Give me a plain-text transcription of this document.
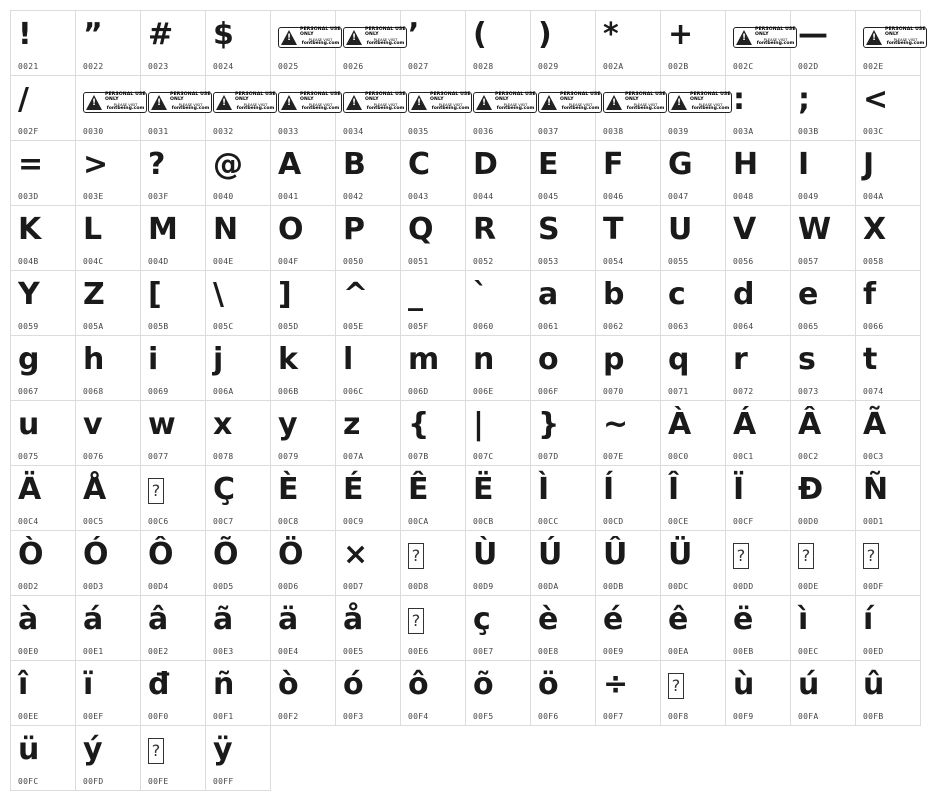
!
0021
”
0022
#
0023
$
0024
!
PERSONAL USE ONLY
PLEASE VISIT
fontbeing.com
0025
!
PERSONAL USE ONLY
PLEASE VISIT
fontbeing.com
0026
’
0027
(
0028
)
0029
*
002A
+
002B
!
PERSONAL USE ONLY
PLEASE VISIT
fontbeing.com
002C
—
002D
!
PERSONAL USE ONLY
PLEASE VISIT
fontbeing.com
002E
/
002F
!
PERSONAL USE ONLY
PLEASE VISIT
fontbeing.com
0030
!
PERSONAL USE ONLY
PLEASE VISIT
fontbeing.com
0031
!
PERSONAL USE ONLY
PLEASE VISIT
fontbeing.com
0032
!
PERSONAL USE ONLY
PLEASE VISIT
fontbeing.com
0033
!
PERSONAL USE ONLY
PLEASE VISIT
fontbeing.com
0034
!
PERSONAL USE ONLY
PLEASE VISIT
fontbeing.com
0035
!
PERSONAL USE ONLY
PLEASE VISIT
fontbeing.com
0036
!
PERSONAL USE ONLY
PLEASE VISIT
fontbeing.com
0037
!
PERSONAL USE ONLY
PLEASE VISIT
fontbeing.com
0038
!
PERSONAL USE ONLY
PLEASE VISIT
fontbeing.com
0039
:
003A
;
003B
<
003C
=
003D
>
003E
?
003F
@
0040
A
0041
B
0042
C
0043
D
0044
E
0045
F
0046
G
0047
H
0048
I
0049
J
004A
K
004B
L
004C
M
004D
N
004E
O
004F
P
0050
Q
0051
R
0052
S
0053
T
0054
U
0055
V
0056
W
0057
X
0058
Y
0059
Z
005A
[
005B
\
005C
]
005D
^
005E
_
005F
`
0060
a
0061
b
0062
c
0063
d
0064
e
0065
f
0066
g
0067
h
0068
i
0069
j
006A
k
006B
l
006C
m
006D
n
006E
o
006F
p
0070
q
0071
r
0072
s
0073
t
0074
u
0075
v
0076
w
0077
x
0078
y
0079
z
007A
{
007B
|
007C
}
007D
~
007E
À
00C0
Á
00C1
Â
00C2
Ã
00C3
Ä
00C4
Å
00C5
?
00C6
Ç
00C7
È
00C8
É
00C9
Ê
00CA
Ë
00CB
Ì
00CC
Í
00CD
Î
00CE
Ï
00CF
Ð
00D0
Ñ
00D1
Ò
00D2
Ó
00D3
Ô
00D4
Õ
00D5
Ö
00D6
×
00D7
?
00D8
Ù
00D9
Ú
00DA
Û
00DB
Ü
00DC
?
00DD
?
00DE
?
00DF
à
00E0
á
00E1
â
00E2
ã
00E3
ä
00E4
å
00E5
?
00E6
ç
00E7
è
00E8
é
00E9
ê
00EA
ë
00EB
ì
00EC
í
00ED
î
00EE
ï
00EF
đ
00F0
ñ
00F1
ò
00F2
ó
00F3
ô
00F4
õ
00F5
ö
00F6
÷
00F7
?
00F8
ù
00F9
ú
00FA
û
00FB
ü
00FC
ý
00FD
?
00FE
ÿ
00FF
